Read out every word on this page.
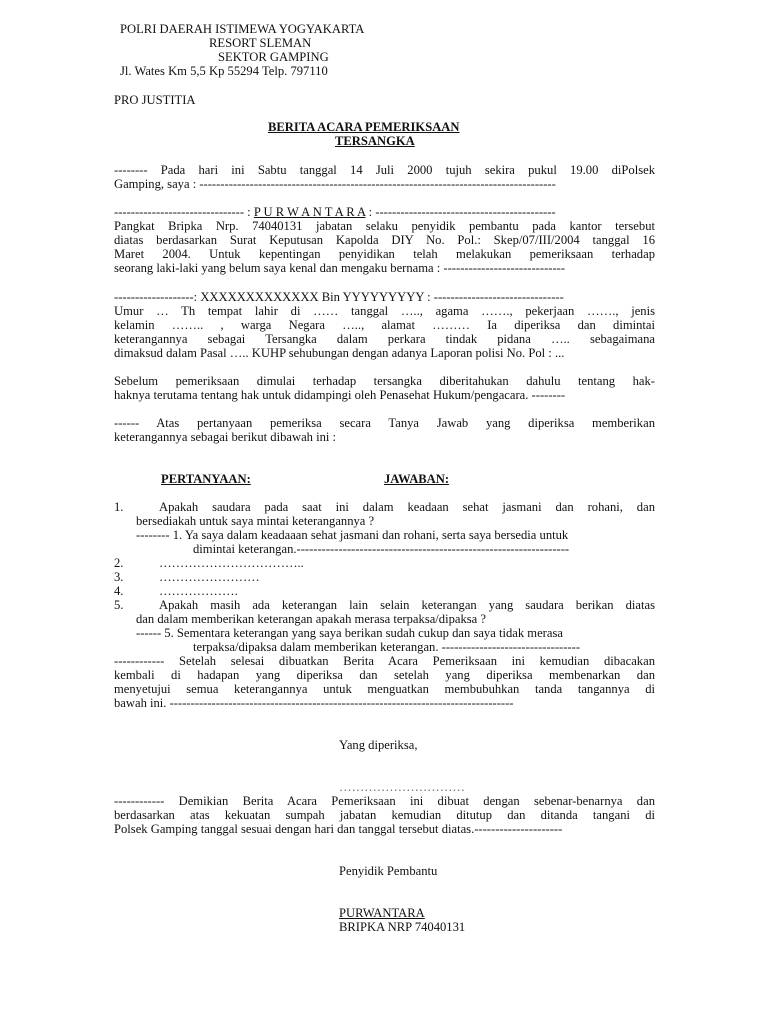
POLRI DAERAH ISTIMEWA YOGYAKARTA
RESORT SLEMAN
SEKTOR GAMPING
Jl. Wates Km 5,5 Kp 55294 Telp. 797110
PRO JUSTITIA
BERITA ACARA PEMERIKSAAN
TERSANGKA
-------- Pada hari ini Sabtu tanggal 14 Juli 2000 tujuh sekira pukul 19.00 diPolsek
Gamping, saya : -------------------------------------------------------------------------------------
------------------------------- : P U R W A N T A R A : -------------------------------------------
Pangkat Bripka Nrp. 74040131 jabatan selaku penyidik pembantu pada kantor tersebut
diatas berdasarkan Surat Keputusan Kapolda DIY No. Pol.: Skep/07/III/2004 tanggal 16
Maret 2004. Untuk kepentingan penyidikan telah melakukan pemeriksaan terhadap
seorang laki-laki yang belum saya kenal dan mengaku bernama : -----------------------------
-------------------: XXXXXXXXXXXXX Bin YYYYYYYYY : -------------------------------
Umur … Th tempat lahir di …… tanggal ….., agama ……., pekerjaan ……., jenis
kelamin …….. , warga Negara ….., alamat ……… Ia diperiksa dan dimintai
keterangannya sebagai Tersangka dalam perkara tindak pidana ….. sebagaimana
dimaksud dalam Pasal ….. KUHP sehubungan dengan adanya Laporan polisi No. Pol : ...
Sebelum pemeriksaan dimulai terhadap tersangka diberitahukan dahulu tentang hak-
haknya terutama tentang hak untuk didampingi oleh Penasehat Hukum/pengacara. --------
------ Atas pertanyaan pemeriksa secara Tanya Jawab yang diperiksa memberikan
keterangannya sebagai berikut dibawah ini :
PERTANYAAN:	JAWABAN:
1.	Apakah saudara pada saat ini dalam keadaan sehat jasmani dan rohani, dan
bersediakah untuk saya mintai keterangannya ?
-------- 1. Ya saya dalam keadaaan sehat jasmani dan rohani, serta saya bersedia untuk
dimintai keterangan.-----------------------------------------------------------------
2.	……………………………..
3.	……………………
4.	……………….
5.	Apakah masih ada keterangan lain selain keterangan yang saudara berikan diatas
dan dalam memberikan keterangan apakah merasa terpaksa/dipaksa ?
------ 5. Sementara keterangan yang saya berikan sudah cukup dan saya tidak merasa
terpaksa/dipaksa dalam memberikan keterangan. ---------------------------------
------------ Setelah selesai dibuatkan Berita Acara Pemeriksaan ini kemudian dibacakan
kembali di hadapan yang diperiksa dan setelah yang diperiksa membenarkan dan
menyetujui semua keterangannya untuk menguatkan membubuhkan tanda tangannya di
bawah ini. ----------------------------------------------------------------------------------
Yang diperiksa,
…………………………
------------ Demikian Berita Acara Pemeriksaan ini dibuat dengan sebenar-benarnya dan
berdasarkan atas kekuatan sumpah jabatan kemudian ditutup dan ditanda tangani di
Polsek Gamping tanggal sesuai dengan hari dan tanggal tersebut diatas.---------------------
Penyidik Pembantu
PURWANTARA
BRIPKA NRP 74040131
